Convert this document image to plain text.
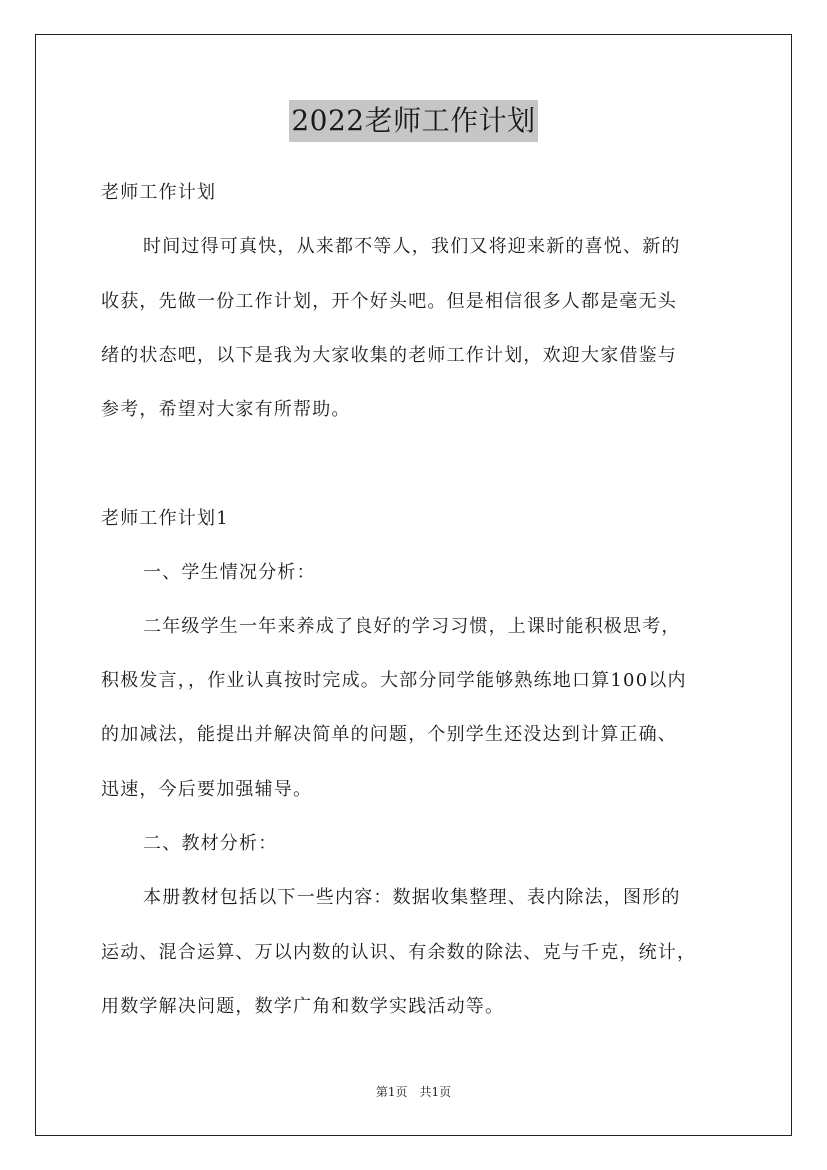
2022老师工作计划
老师工作计划
时间过得可真快，从来都不等人，我们又将迎来新的喜悦、新的
收获，先做一份工作计划，开个好头吧。但是相信很多人都是毫无头
绪的状态吧，以下是我为大家收集的老师工作计划，欢迎大家借鉴与
参考，希望对大家有所帮助。
老师工作计划1
一、学生情况分析：
二年级学生一年来养成了良好的学习习惯，上课时能积极思考，
积极发言，，作业认真按时完成。大部分同学能够熟练地口算100以内
的加减法，能提出并解决简单的问题，个别学生还没达到计算正确、
迅速，今后要加强辅导。
二、教材分析：
本册教材包括以下一些内容：数据收集整理、表内除法，图形的
运动、混合运算、万以内数的认识、有余数的除法、克与千克，统计，
用数学解决问题，数学广角和数学实践活动等。
第1页　共1页
